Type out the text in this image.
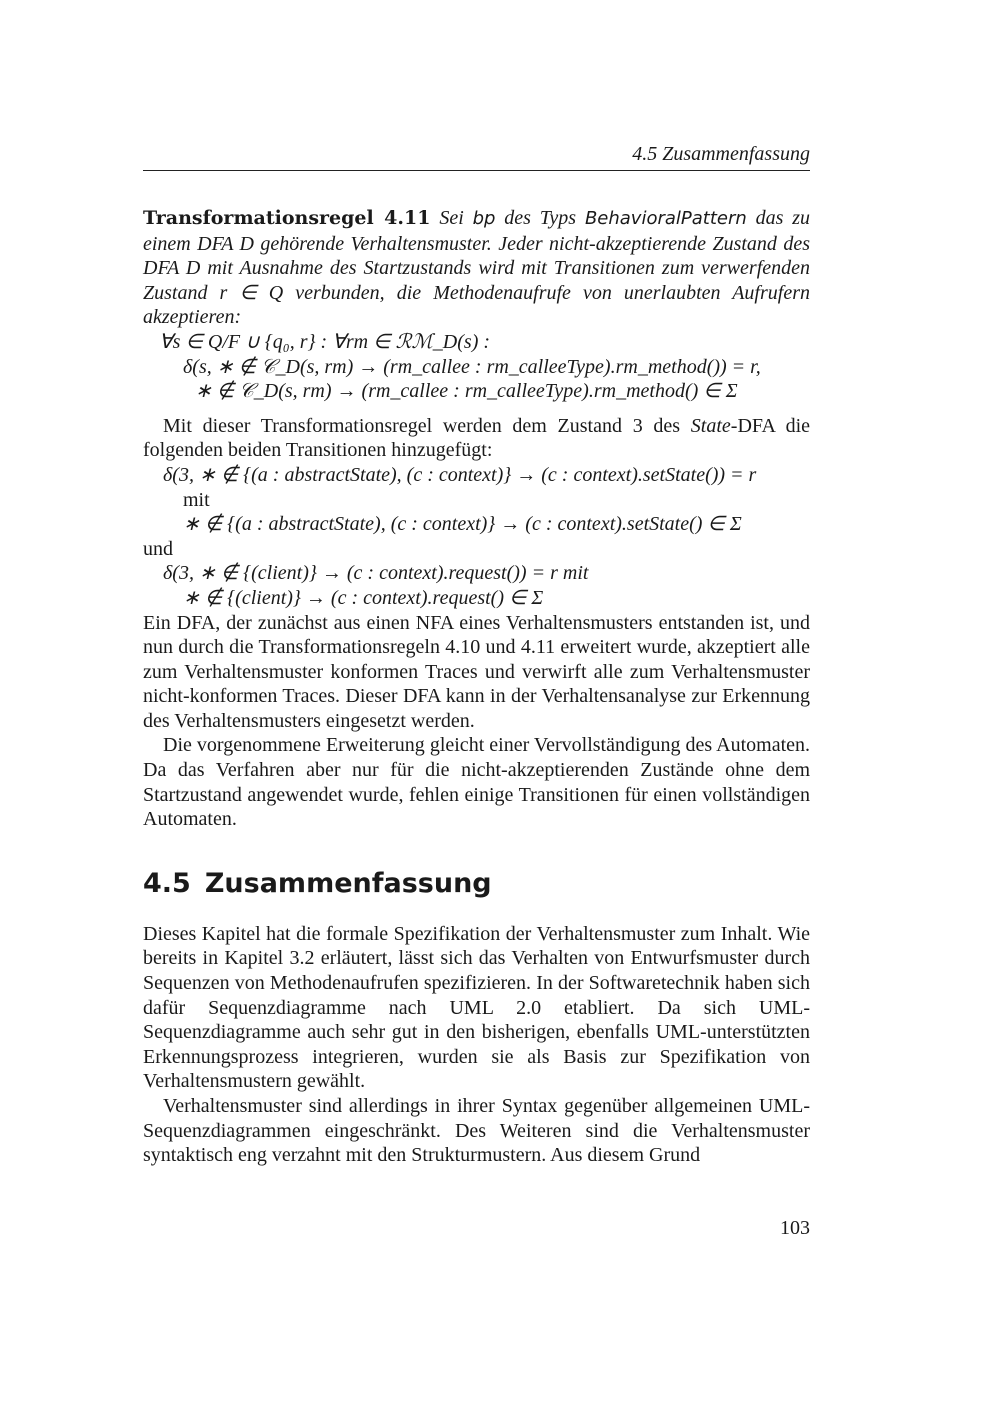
4.5 Zusammenfassung

Transformationsregel 4.11 Sei bp des Typs BehavioralPattern das zu einem DFA D gehörende Verhaltensmuster. Jeder nicht-akzeptierende Zustand des DFA D mit Ausnahme des Startzustands wird mit Transitionen zum verwerfenden Zustand r ∈ Q verbunden, die Methodenaufrufe von unerlaubten Aufrufern akzeptieren:

∀s ∈ Q/F ∪ {q₀, r} : ∀rm ∈ ℛℳ_D(s) :
δ(s, ∗ ∉ 𝒞_D(s, rm) → (rm_callee : rm_calleeType).rm_method()) = r,
∗ ∉ 𝒞_D(s, rm) → (rm_callee : rm_calleeType).rm_method() ∈ Σ

Mit dieser Transformationsregel werden dem Zustand 3 des State-DFA die folgenden beiden Transitionen hinzugefügt:

δ(3, ∗ ∉ {(a : abstractState), (c : context)} → (c : context).setState()) = r
mit
∗ ∉ {(a : abstractState), (c : context)} → (c : context).setState() ∈ Σ
und
δ(3, ∗ ∉ {(client)} → (c : context).request()) = r mit
∗ ∉ {(client)} → (c : context).request() ∈ Σ

Ein DFA, der zunächst aus einen NFA eines Verhaltensmusters entstanden ist, und nun durch die Transformationsregeln 4.10 und 4.11 erweitert wurde, akzeptiert alle zum Verhaltensmuster konformen Traces und verwirft alle zum Verhaltensmuster nicht-konformen Traces. Dieser DFA kann in der Verhaltensanalyse zur Erkennung des Verhaltensmusters eingesetzt werden.

Die vorgenommene Erweiterung gleicht einer Vervollständigung des Automaten. Da das Verfahren aber nur für die nicht-akzeptierenden Zustände ohne dem Startzustand angewendet wurde, fehlen einige Transitionen für einen vollständigen Automaten.

4.5 Zusammenfassung

Dieses Kapitel hat die formale Spezifikation der Verhaltensmuster zum Inhalt. Wie bereits in Kapitel 3.2 erläutert, lässt sich das Verhalten von Entwurfsmuster durch Sequenzen von Methodenaufrufen spezifizieren. In der Softwaretechnik haben sich dafür Sequenzdiagramme nach UML 2.0 etabliert. Da sich UML-Sequenzdiagramme auch sehr gut in den bisherigen, ebenfalls UML-unterstützten Erkennungsprozess integrieren, wurden sie als Basis zur Spezifikation von Verhaltensmustern gewählt.

Verhaltensmuster sind allerdings in ihrer Syntax gegenüber allgemeinen UML-Sequenzdiagrammen eingeschränkt. Des Weiteren sind die Verhaltensmuster syntaktisch eng verzahnt mit den Strukturmustern. Aus diesem Grund

103
